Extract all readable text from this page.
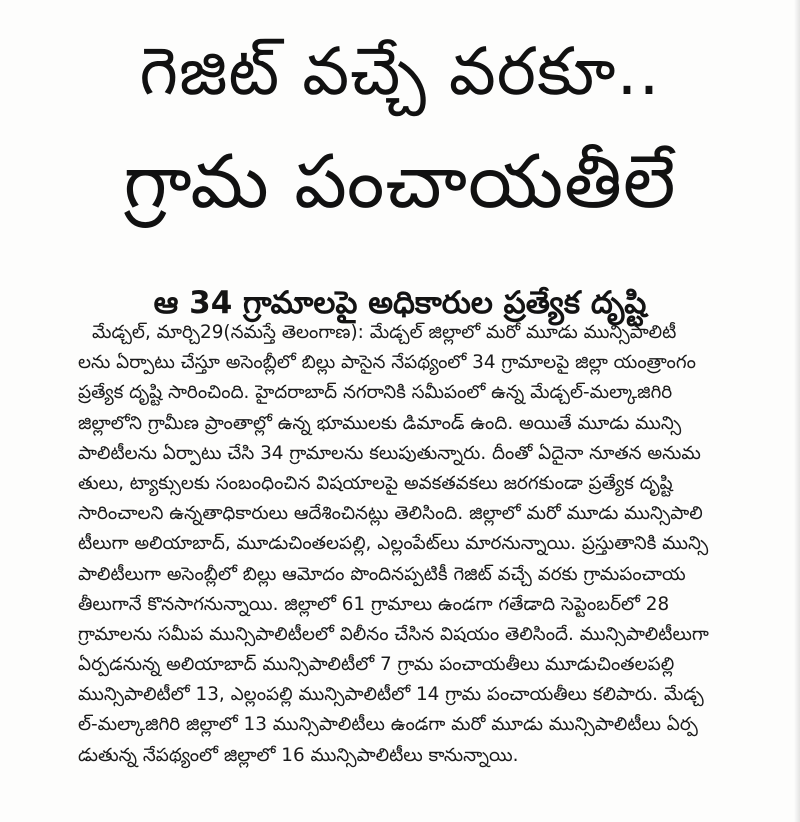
గెజిట్ వచ్చే వరకూ..
గ్రామ పంచాయతీలే
ఆ 34 గ్రామాలపై అధికారుల ప్రత్యేక దృష్టి
మేడ్చల్, మార్చి29(నమస్తే తెలంగాణ): మేడ్చల్ జిల్లాలో మరో మూడు మున్సిపాలిటీ
లను ఏర్పాటు చేస్తూ అసెంబ్లీలో బిల్లు పాసైన నేపథ్యంలో 34 గ్రామాలపై జిల్లా యంత్రాంగం
ప్రత్యేక దృష్టి సారించింది. హైదరాబాద్ నగరానికి సమీపంలో ఉన్న మేడ్చల్-మల్కాజిగిరి
జిల్లాలోని గ్రామీణ ప్రాంతాల్లో ఉన్న భూములకు డిమాండ్ ఉంది. అయితే మూడు మున్సి
పాలిటీలను ఏర్పాటు చేసి 34 గ్రామాలను కలుపుతున్నారు. దీంతో ఏదైనా నూతన అనుమ
తులు, ట్యాక్సులకు సంబంధించిన విషయాలపై అవకతవకలు జరగకుండా ప్రత్యేక దృష్టి
సారించాలని ఉన్నతాధికారులు ఆదేశించినట్లు తెలిసింది. జిల్లాలో మరో మూడు మున్సిపాలి
టీలుగా అలియాబాద్, మూడుచింతలపల్లి, ఎల్లంపేట్‌లు మారనున్నాయి. ప్రస్తుతానికి మున్సి
పాలిటీలుగా అసెంబ్లీలో బిల్లు ఆమోదం పొందినప్పటికీ గెజిట్ వచ్చే వరకు గ్రామపంచాయ
తీలుగానే కొనసాగనున్నాయి. జిల్లాలో 61 గ్రామాలు ఉండగా గతేడాది సెప్టెంబర్‌లో 28
గ్రామాలను సమీప మున్సిపాలిటీలలో విలీనం చేసిన విషయం తెలిసిందే. మున్సిపాలిటీలుగా
ఏర్పడనున్న అలియాబాద్ మున్సిపాలిటీలో 7 గ్రామ పంచాయతీలు మూడుచింతలపల్లి
మున్సిపాలిటీలో 13, ఎల్లంపల్లి మున్సిపాలిటీలో 14 గ్రామ పంచాయతీలు కలిపారు. మేడ్చ
ల్-మల్కాజిగిరి జిల్లాలో 13 మున్సిపాలిటీలు ఉండగా మరో మూడు మున్సిపాలిటీలు ఏర్ప
డుతున్న నేపథ్యంలో జిల్లాలో 16 మున్సిపాలిటీలు కానున్నాయి.
